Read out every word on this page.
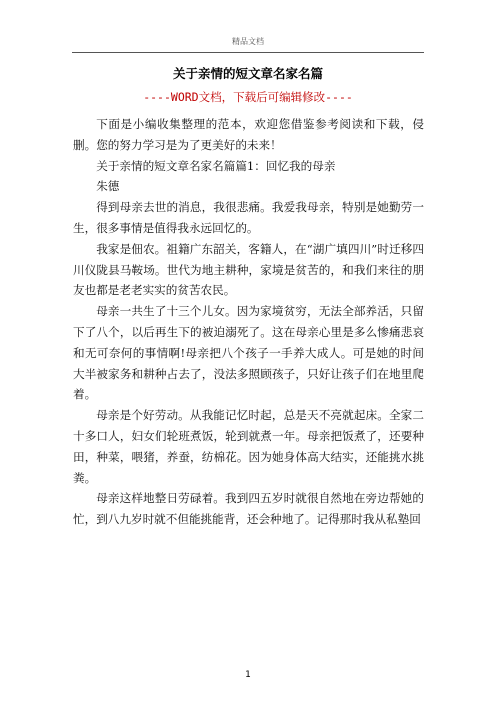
精品文档
关于亲情的短文章名家名篇
----WORD文档，下载后可编辑修改----

下面是小编收集整理的范本，欢迎您借鉴参考阅读和下载，侵删。您的努力学习是为了更美好的未来！

关于亲情的短文章名家名篇篇1：回忆我的母亲

朱德

得到母亲去世的消息，我很悲痛。我爱我母亲，特别是她勤劳一生，很多事情是值得我永远回忆的。

我家是佃农。祖籍广东韶关，客籍人，在“湖广填四川”时迁移四川仪陇县马鞍场。世代为地主耕种，家境是贫苦的，和我们来往的朋友也都是老老实实的贫苦农民。

母亲一共生了十三个儿女。因为家境贫穷，无法全部养活，只留下了八个，以后再生下的被迫溺死了。这在母亲心里是多么惨痛悲哀和无可奈何的事情啊!母亲把八个孩子一手养大成人。可是她的时间大半被家务和耕种占去了，没法多照顾孩子，只好让孩子们在地里爬着。

母亲是个好劳动。从我能记忆时起，总是天不亮就起床。全家二十多口人，妇女们轮班煮饭，轮到就煮一年。母亲把饭煮了，还要种田，种菜，喂猪，养蚕，纺棉花。因为她身体高大结实，还能挑水挑粪。

母亲这样地整日劳碌着。我到四五岁时就很自然地在旁边帮她的忙，到八九岁时就不但能挑能背，还会种地了。记得那时我从私塾回

1
